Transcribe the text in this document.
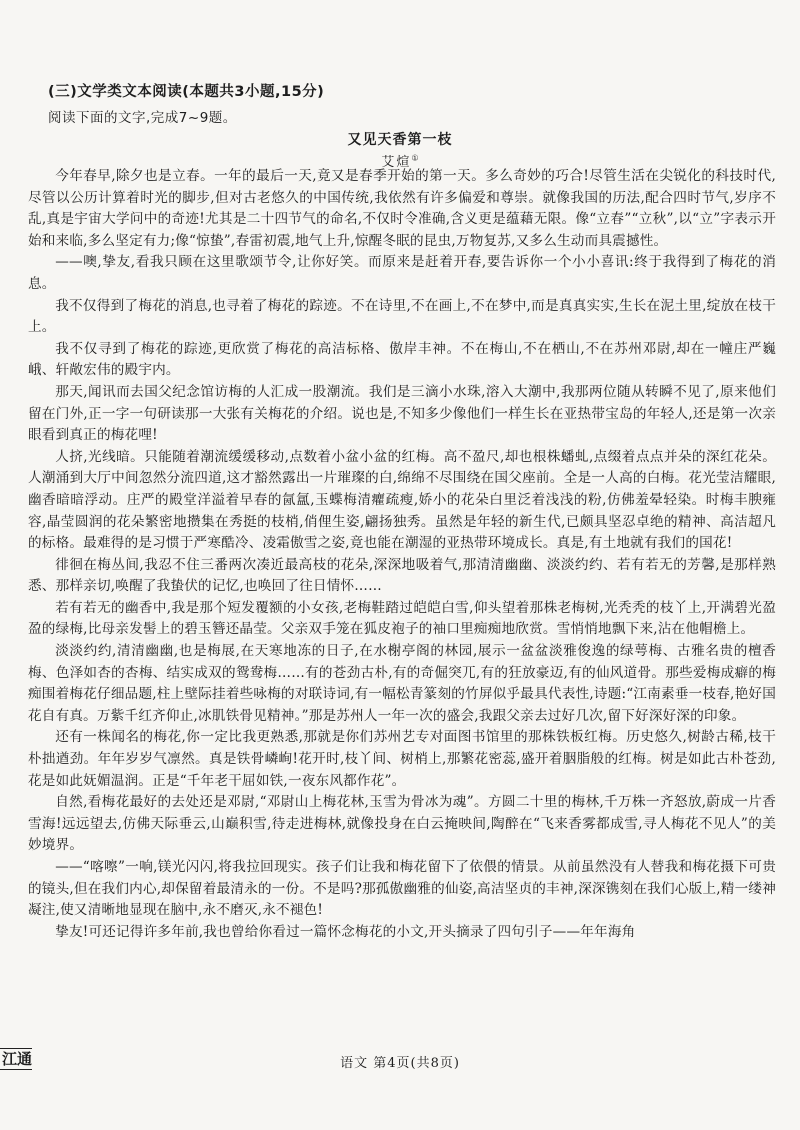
(三)文学类文本阅读(本题共3小题,15分)
阅读下面的文字,完成7~9题。
又见天香第一枝
艾煊①

今年春早,除夕也是立春。一年的最后一天,竟又是春季开始的第一天。多么奇妙的巧合!尽管生活在尖锐化的科技时代,尽管以公历计算着时光的脚步,但对古老悠久的中国传统,我依然有许多偏爱和尊崇。就像我国的历法,配合四时节气,岁序不乱,真是宇宙大学问中的奇迹!尤其是二十四节气的命名,不仅时令准确,含义更是蕴藉无限。像“立春”“立秋”,以“立”字表示开始和来临,多么坚定有力;像“惊蛰”,春雷初震,地气上升,惊醒冬眠的昆虫,万物复苏,又多么生动而具震撼性。

——噢,挚友,看我只顾在这里歌颂节令,让你好笑。而原来是赶着开春,要告诉你一个小小喜讯:终于我得到了梅花的消息。

我不仅得到了梅花的消息,也寻着了梅花的踪迹。不在诗里,不在画上,不在梦中,而是真真实实,生长在泥土里,绽放在枝干上。

我不仅寻到了梅花的踪迹,更欣赏了梅花的高洁标格、傲岸丰神。不在梅山,不在栖山,不在苏州邓尉,却在一幢庄严巍峨、轩敞宏伟的殿宇内。

那天,闻讯而去国父纪念馆访梅的人汇成一股潮流。我们是三滴小水珠,溶入大潮中,我那两位随从转瞬不见了,原来他们留在门外,正一字一句研读那一大张有关梅花的介绍。说也是,不知多少像他们一样生长在亚热带宝岛的年轻人,还是第一次亲眼看到真正的梅花哩!

人挤,光线暗。只能随着潮流缓缓移动,点数着小盆小盆的红梅。高不盈尺,却也根株蟠虬,点缀着点点并朵的深红花朵。人潮涌到大厅中间忽然分流四道,这才豁然露出一片璀璨的白,绵绵不尽围绕在国父座前。全是一人高的白梅。花光莹洁耀眼,幽香暗暗浮动。庄严的殿堂洋溢着早春的氤氲,玉蝶梅清癯疏瘦,娇小的花朵白里泛着浅浅的粉,仿佛羞晕轻染。时梅丰腴雍容,晶莹圆润的花朵繁密地攒集在秀挺的枝梢,俏俚生姿,翩扬独秀。虽然是年轻的新生代,已颇具坚忍卓绝的精神、高洁超凡的标格。最难得的是习惯于严寒酷冷、凌霜傲雪之姿,竟也能在潮湿的亚热带环境成长。真是,有土地就有我们的国花!

徘徊在梅丛间,我忍不住三番两次凑近最高枝的花朵,深深地吸着气,那清清幽幽、淡淡约约、若有若无的芳馨,是那样熟悉、那样亲切,唤醒了我蛰伏的记忆,也唤回了往日情怀……

若有若无的幽香中,我是那个短发覆额的小女孩,老梅鞋踏过皑皑白雪,仰头望着那株老梅树,光秃秃的枝丫上,开满碧光盈盈的绿梅,比母亲发髻上的碧玉簪还晶莹。父亲双手笼在狐皮袍子的袖口里痴痴地欣赏。雪悄悄地飘下来,沾在他帽檐上。

淡淡约约,清清幽幽,也是梅展,在天寒地冻的日子,在水榭亭阁的林园,展示一盆盆淡雅俊逸的绿萼梅、古雅名贵的檀香梅、色泽如杏的杏梅、结实成双的鸳鸯梅……有的苍劲古朴,有的奇倔突兀,有的狂放豪迈,有的仙风道骨。那些爱梅成癖的梅痴围着梅花仔细品题,柱上壁际挂着些咏梅的对联诗词,有一幅松青篆刻的竹屏似乎最具代表性,诗题:“江南素垂一枝春,艳好国花自有真。万紫千红齐仰止,冰肌铁骨见精神。”那是苏州人一年一次的盛会,我跟父亲去过好几次,留下好深好深的印象。

还有一株闻名的梅花,你一定比我更熟悉,那就是你们苏州艺专对面图书馆里的那株铁板红梅。历史悠久,树龄古稀,枝干朴拙遒劲。年年岁岁气凛然。真是铁骨嶙峋!花开时,枝丫间、树梢上,那繁花密蕊,盛开着胭脂般的红梅。树是如此古朴苍劲,花是如此妩媚温润。正是“千年老干屈如铁,一夜东风都作花”。

自然,看梅花最好的去处还是邓尉,“邓尉山上梅花林,玉雪为骨冰为魂”。方圆二十里的梅林,千万株一齐怒放,蔚成一片香雪海!远远望去,仿佛天际垂云,山巅积雪,待走进梅林,就像投身在白云掩映间,陶醉在“飞来香雾都成雪,寻人梅花不见人”的美妙境界。

——“喀嚓”一响,镁光闪闪,将我拉回现实。孩子们让我和梅花留下了依偎的情景。从前虽然没有人替我和梅花摄下可贵的镜头,但在我们内心,却保留着最清永的一份。不是吗?那孤傲幽雅的仙姿,高洁坚贞的丰神,深深镌刻在我们心版上,精一缕神凝注,使又清晰地显现在脑中,永不磨灭,永不褪色!

挚友!可还记得许多年前,我也曾给你看过一篇怀念梅花的小文,开头摘录了四句引子——年年海角

江通	语文 第4页(共8页)
